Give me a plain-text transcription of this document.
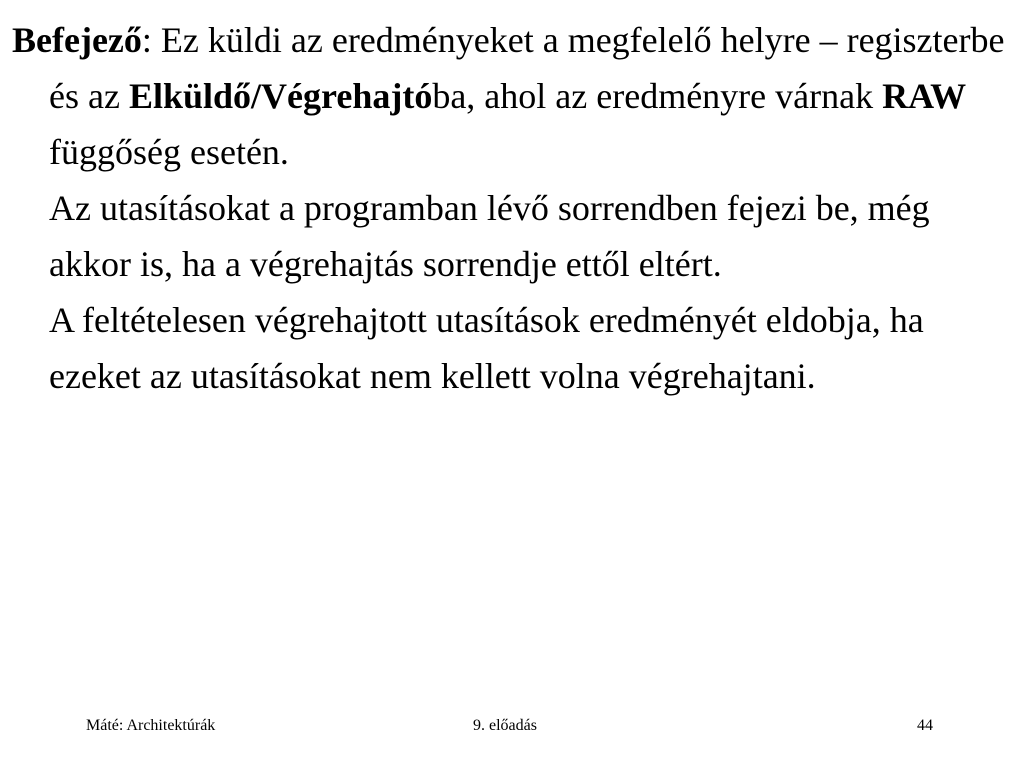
Befejező: Ez küldi az eredményeket a megfelelő helyre – regiszterbe és az Elküldő/Végrehajtóba, ahol az eredményre várnak RAW függőség esetén.

Az utasításokat a programban lévő sorrendben fejezi be, még akkor is, ha a végrehajtás sorrendje ettől eltért.

A feltételesen végrehajtott utasítások eredményét eldobja, ha ezeket az utasításokat nem kellett volna végrehajtani.

Máté: Architektúrák	9. előadás	44
